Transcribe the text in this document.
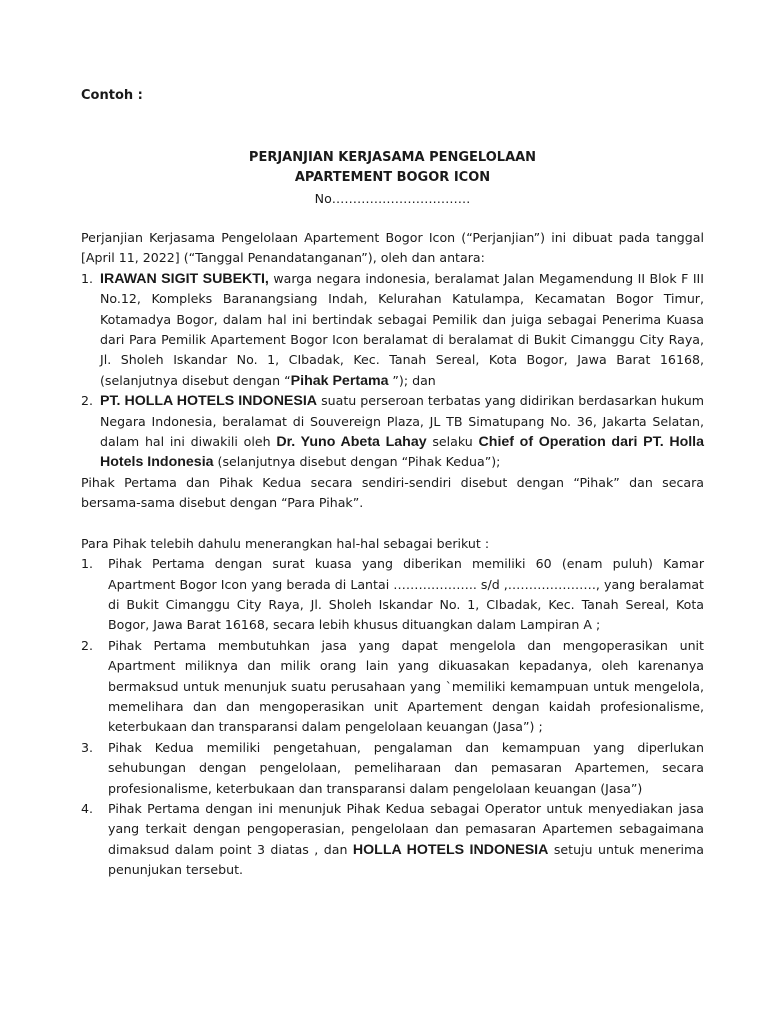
Contoh :

PERJANJIAN KERJASAMA PENGELOLAAN
APARTEMENT BOGOR ICON
No……………………………

Perjanjian Kerjasama Pengelolaan Apartement Bogor Icon (“Perjanjian”) ini dibuat pada tanggal [April 11, 2022] (“Tanggal Penandatanganan”), oleh dan antara:

1. IRAWAN SIGIT SUBEKTI, warga negara indonesia, beralamat Jalan Megamendung II Blok F III No.12, Kompleks Baranangsiang Indah, Kelurahan Katulampa, Kecamatan Bogor Timur, Kotamadya Bogor, dalam hal ini bertindak sebagai Pemilik dan juiga sebagai Penerima Kuasa dari Para Pemilik Apartement Bogor Icon beralamat di beralamat di Bukit Cimanggu City Raya, Jl. Sholeh Iskandar No. 1, CIbadak, Kec. Tanah Sereal, Kota Bogor, Jawa Barat 16168, (selanjutnya disebut dengan “Pihak Pertama ”); dan
2. PT. HOLLA HOTELS INDONESIA suatu perseroan terbatas yang didirikan berdasarkan hukum Negara Indonesia, beralamat di Souvereign Plaza, JL TB Simatupang No. 36, Jakarta Selatan, dalam hal ini diwakili oleh Dr. Yuno Abeta Lahay selaku Chief of Operation dari PT. Holla Hotels Indonesia (selanjutnya disebut dengan “Pihak Kedua”);

Pihak Pertama dan Pihak Kedua secara sendiri-sendiri disebut dengan “Pihak” dan secara bersama-sama disebut dengan “Para Pihak”.

Para Pihak telebih dahulu menerangkan hal-hal sebagai berikut :

1. Pihak Pertama dengan surat kuasa yang diberikan memiliki 60 (enam puluh) Kamar Apartment Bogor Icon yang berada di Lantai ……………….. s/d ,…………………, yang beralamat di Bukit Cimanggu City Raya, Jl. Sholeh Iskandar No. 1, CIbadak, Kec. Tanah Sereal, Kota Bogor, Jawa Barat 16168, secara lebih khusus dituangkan dalam Lampiran A ;
2. Pihak Pertama membutuhkan jasa yang dapat mengelola dan mengoperasikan unit Apartment miliknya dan milik orang lain yang dikuasakan kepadanya, oleh karenanya bermaksud untuk menunjuk suatu perusahaan yang `memiliki kemampuan untuk mengelola, memelihara dan dan mengoperasikan unit Apartement dengan kaidah profesionalisme, keterbukaan dan transparansi dalam pengelolaan keuangan (Jasa”) ;
3. Pihak Kedua memiliki pengetahuan, pengalaman dan kemampuan yang diperlukan sehubungan dengan pengelolaan, pemeliharaan dan pemasaran Apartemen, secara profesionalisme, keterbukaan dan transparansi dalam pengelolaan keuangan (Jasa”)
4. Pihak Pertama dengan ini menunjuk Pihak Kedua sebagai Operator untuk menyediakan jasa yang terkait dengan pengoperasian, pengelolaan dan pemasaran Apartemen sebagaimana dimaksud dalam point 3 diatas , dan HOLLA HOTELS INDONESIA setuju untuk menerima penunjukan tersebut.
